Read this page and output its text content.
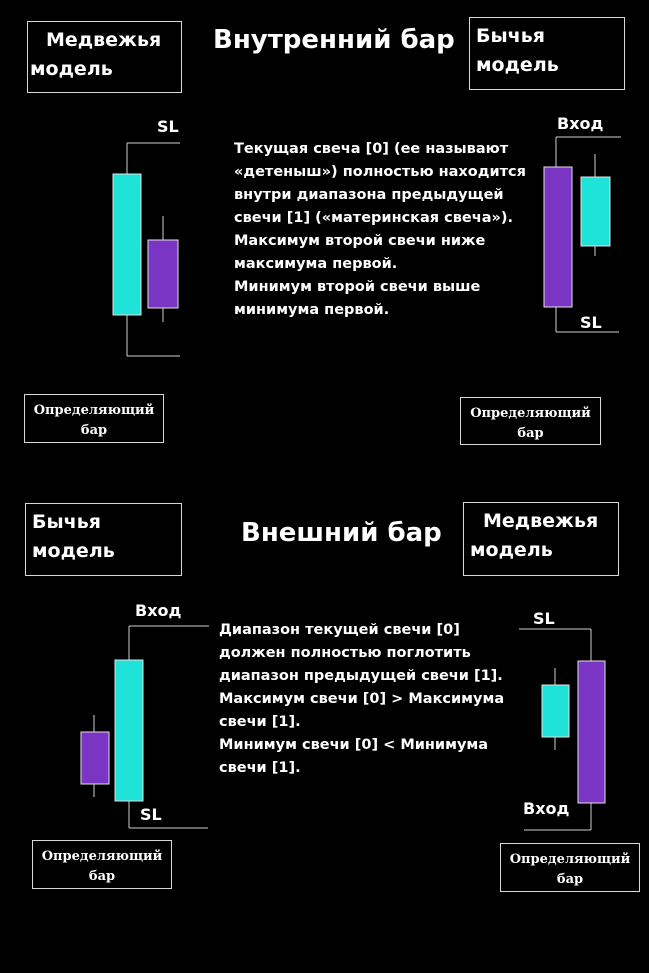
Медвежья
модель
Внутренний бар Бычья
модель
SL	Вход
SL
Текущая свеча [0] (ее называют
«детеныш») полностью находится
внутри диапазона предыдущей
свечи [1] («материнская свеча»).
Максимум второй свечи ниже
максимума первой.
Минимум второй свечи выше
минимума первой.
Определяющий
бар
Определяющий
бар
Бычья
модель
Внешний бар	Медвежья
модель
Вход
SL
SL
Вход
Диапазон текущей свечи [0]
должен полностью поглотить
диапазон предыдущей свечи [1].
Максимум свечи [0] > Максимума
свечи [1].
Минимум свечи [0] < Минимума
свечи [1].
Определяющий
бар
Определяющий
бар
